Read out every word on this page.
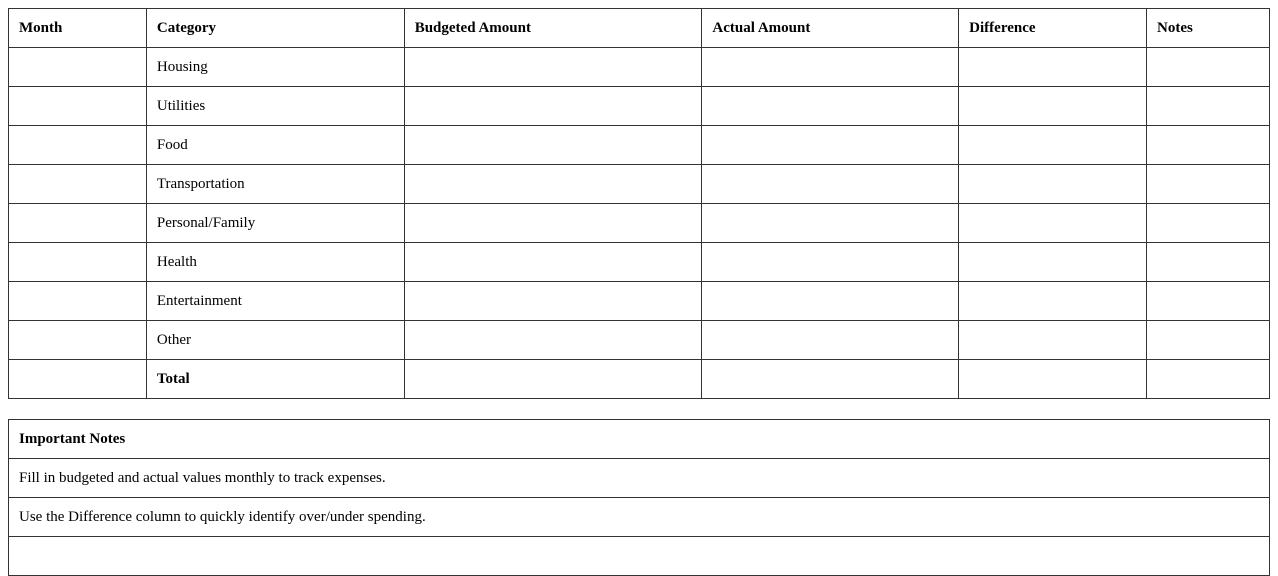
Month	Category	Budgeted Amount	Actual Amount	Difference	Notes
	Housing				
	Utilities				
	Food				
	Transportation				
	Personal/Family				
	Health				
	Entertainment				
	Other				
	Total				
Important Notes
Fill in budgeted and actual values monthly to track expenses.
Use the Difference column to quickly identify over/under spending.
